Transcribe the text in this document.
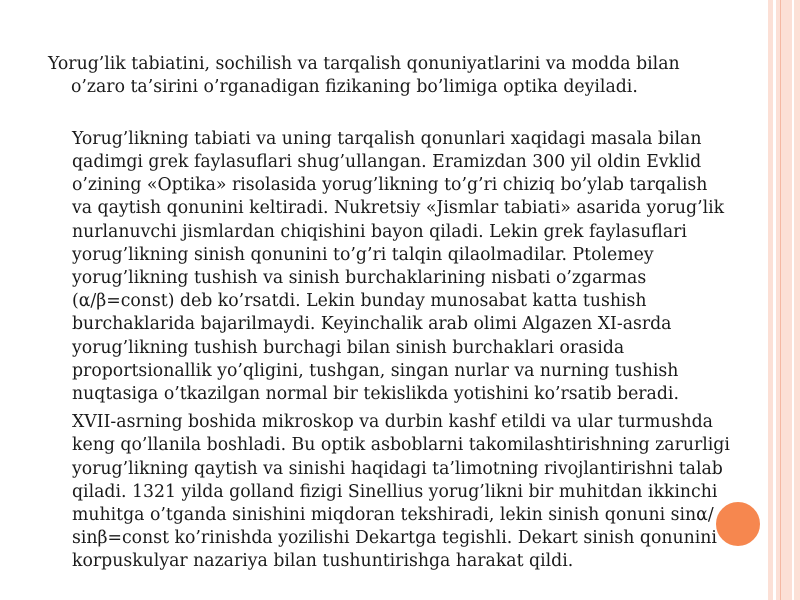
Yorug’lik tabiatini, sochilish va tarqalish qonuniyatlarini va modda bilan

o’zaro ta’sirini o’rganadigan fizikaning bo’limiga optika deyiladi.

Yorug’likning tabiati va uning tarqalish qonunlari xaqidagi masala bilan
qadimgi grek faylasuflari shug’ullangan. Eramizdan 300 yil oldin Evklid
o’zining «Optika» risolasida yorug’likning to’g’ri chiziq bo’ylab tarqalish
va qaytish qonunini keltiradi. Nukretsiy «Jismlar tabiati» asarida yorug’lik
nurlanuvchi jismlardan chiqishini bayon qiladi. Lekin grek faylasuflari
yorug’likning sinish qonunini to’g’ri talqin qilaolmadilar. Ptolemey
yorug’likning tushish va sinish burchaklarining nisbati o’zgarmas
(α/β=const) deb ko’rsatdi. Lekin bunday munosabat katta tushish
burchaklarida bajarilmaydi. Keyinchalik arab olimi Algazen XI-asrda
yorug’likning tushish burchagi bilan sinish burchaklari orasida
proportsionallik yo’qligini, tushgan, singan nurlar va nurning tushish
nuqtasiga o’tkazilgan normal bir tekislikda yotishini ko’rsatib beradi.

XVII-asrning boshida mikroskop va durbin kashf etildi va ular turmushda
keng qo’llanila boshladi. Bu optik asboblarni takomilashtirishning zarurligi
yorug’likning qaytish va sinishi haqidagi ta’limotning rivojlantirishni talab
qiladi. 1321 yilda golland fizigi Sinellius yorug’likni bir muhitdan ikkinchi
muhitga o’tganda sinishini miqdoran tekshiradi, lekin sinish qonuni sinα/
sinβ=const ko’rinishda yozilishi Dekartga tegishli. Dekart sinish qonunini
korpuskulyar nazariya bilan tushuntirishga harakat qildi.
